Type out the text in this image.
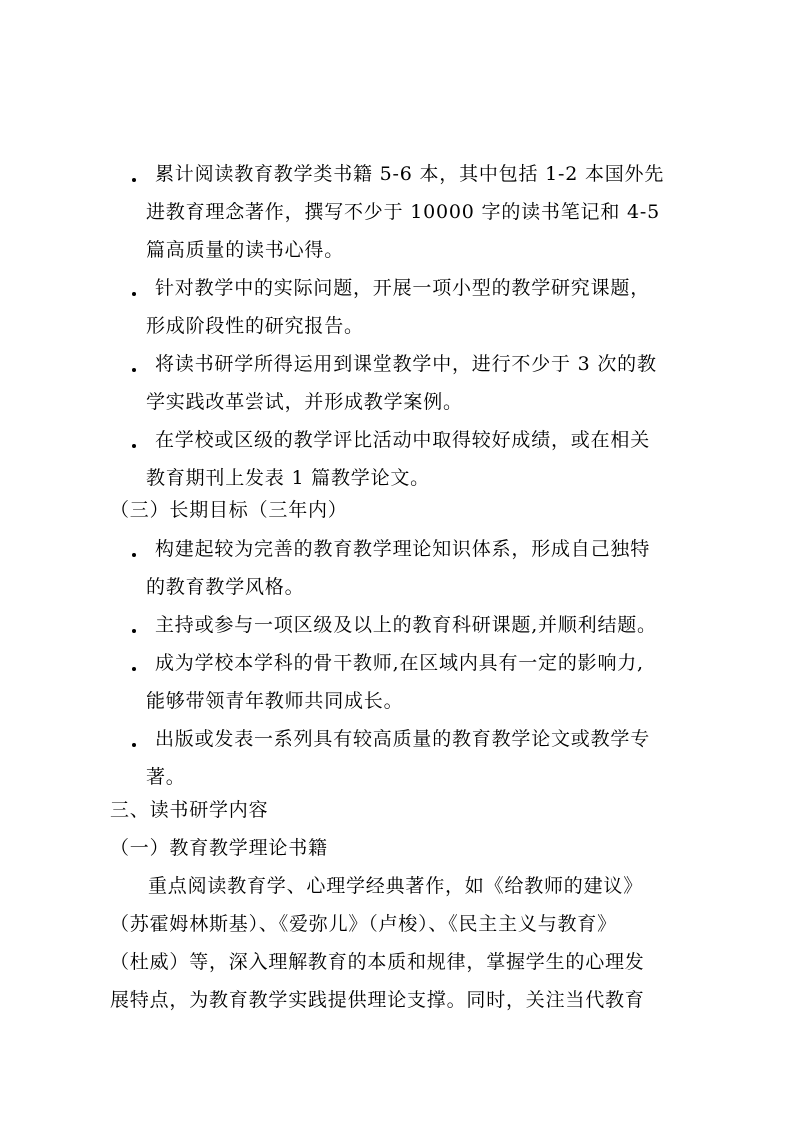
累计阅读教育教学类书籍 5-6 本，其中包括 1-2 本国外先
进教育理念著作，撰写不少于 10000 字的读书笔记和 4-5
篇高质量的读书心得。
针对教学中的实际问题，开展一项小型的教学研究课题，
形成阶段性的研究报告。
将读书研学所得运用到课堂教学中，进行不少于 3 次的教
学实践改革尝试，并形成教学案例。
在学校或区级的教学评比活动中取得较好成绩，或在相关
教育期刊上发表 1 篇教学论文。
（三）长期目标（三年内）
构建起较为完善的教育教学理论知识体系，形成自己独特
的教育教学风格。
主持或参与一项区级及以上的教育科研课题,并顺利结题。
成为学校本学科的骨干教师,在区域内具有一定的影响力,
能够带领青年教师共同成长。
出版或发表一系列具有较高质量的教育教学论文或教学专
著。
三、读书研学内容
（一）教育教学理论书籍
重点阅读教育学、心理学经典著作，如《给教师的建议》
（苏霍姆林斯基）、《爱弥儿》（卢梭）、《民主主义与教育》
（杜威）等，深入理解教育的本质和规律，掌握学生的心理发
展特点，为教育教学实践提供理论支撑。同时，关注当代教育
